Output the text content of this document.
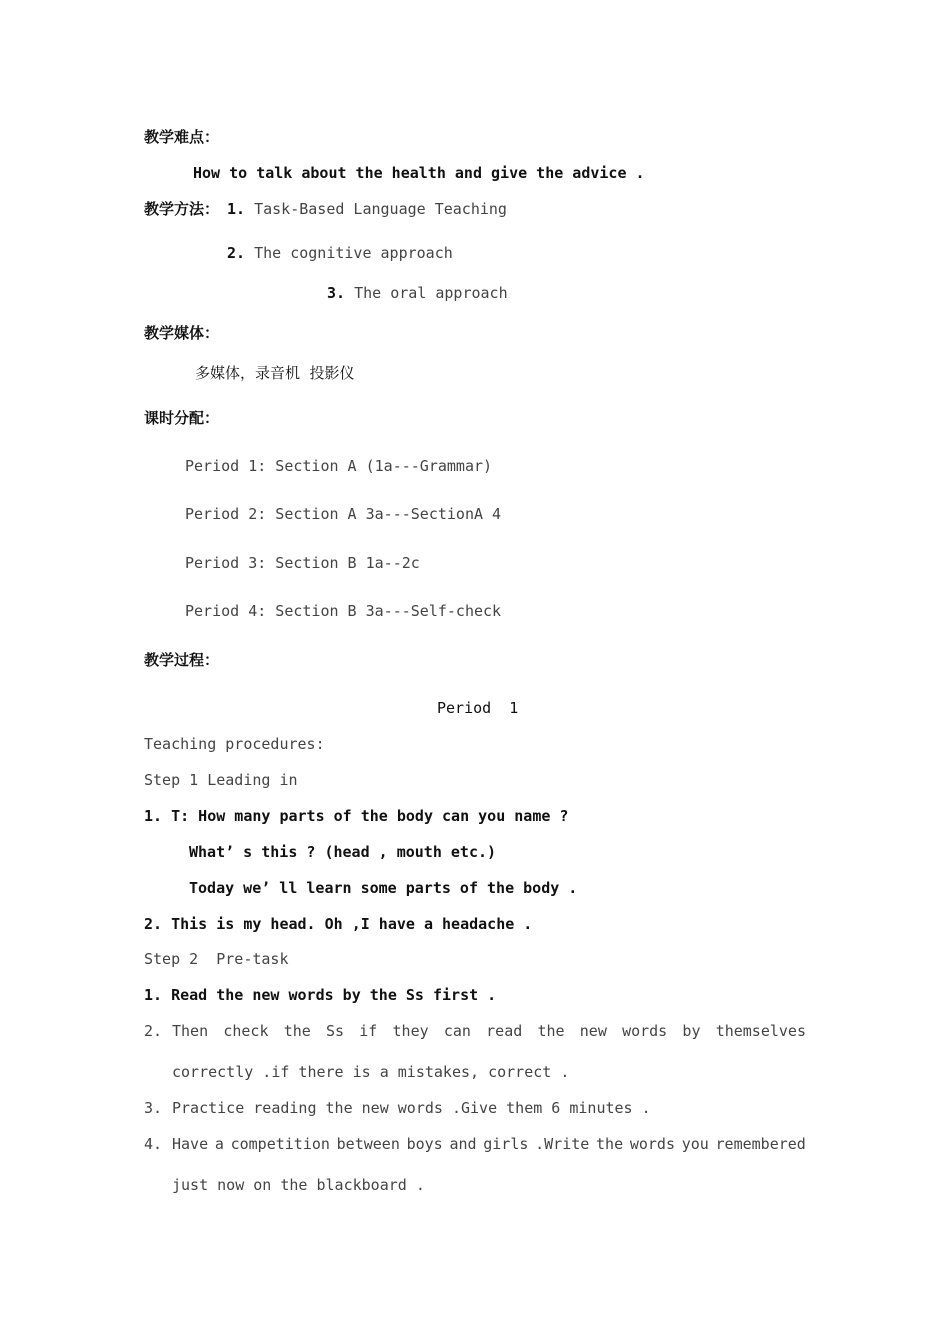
教学难点：
How to talk about the health and give the advice .
教学方法： 1. Task-Based Language Teaching
2. The cognitive approach
3. The oral approach
教学媒体：
多媒体，录音机  投影仪
课时分配：
Period 1: Section A (1a---Grammar)
Period 2: Section A 3a---SectionA 4
Period 3: Section B 1a--2c
Period 4: Section B 3a---Self-check
教学过程：
Period  1
Teaching procedures:
Step 1 Leading in
1. T: How many parts of the body can you name ?
What’ s this ? (head , mouth etc.)
Today we’ ll learn some parts of the body .
2. This is my head. Oh ,I have a headache .
Step 2  Pre-task
1. Read the new words by the Ss first .
2. Then check the Ss if they can read the new words by themselves
correctly .if there is a mistakes, correct .
3. Practice reading the new words .Give them 6 minutes .
4. Have a competition between boys and girls .Write the words you remembered
just now on the blackboard .
